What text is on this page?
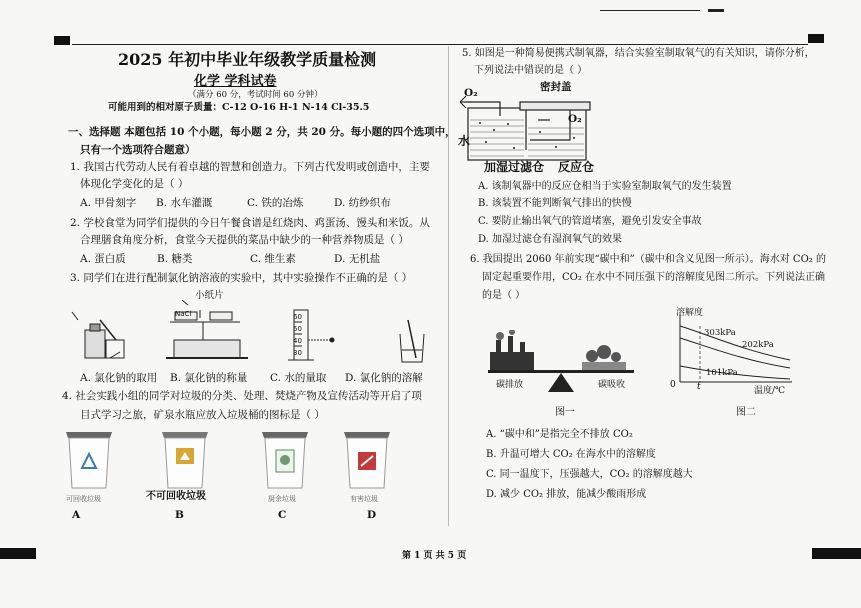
2025 年初中毕业年级教学质量检测
化学 学科试卷
（满分 60 分，考试时间 60 分钟）
可能用到的相对原子质量：C-12 O-16 H-1 N-14 Cl-35.5
一、选择题 本题包括 10 个小题，每小题 2 分，共 20 分。每小题的四个选项中，
只有一个选项符合题意）
1. 我国古代劳动人民有着卓越的智慧和创造力。下列古代发明或创造中，主要
体现化学变化的是（ ）
A. 甲骨刻字 B. 水车灌溉	C. 铁的冶炼	D. 纺纱织布
2. 学校食堂为同学们提供的今日午餐食谱是红烧肉、鸡蛋汤、馒头和米饭。从
合理膳食角度分析，食堂今天提供的菜品中缺少的一种营养物质是（ ）
A. 蛋白质	B. 糖类	C. 维生素	D. 无机盐
3. 同学们在进行配制氯化钠溶液的实验中，其中实验操作不正确的是（ ）
小纸片
NaCl	60
50
40
30
A. 氯化钠的取用 B. 氯化钠的称量 C. 水的量取 D. 氯化钠的溶解
4. 社会实践小组的同学对垃圾的分类、处理、焚烧产物及宣传活动等开启了项
目式学习之旅，矿泉水瓶应放入垃圾桶的图标是（ ）
可回收垃圾	不可回收垃圾	厨余垃圾	有害垃圾
A	B	C	D
5. 如图是一种简易便携式制氧器，结合实验室制取氧气的有关知识，请你分析，
下列说法中错误的是（ ）
密封盖
O₂
O₂
水
加湿过滤仓 反应仓
A. 该制氧器中的反应仓相当于实验室制取氧气的发生装置
B. 该装置不能判断氧气排出的快慢
C. 要防止输出氧气的管道堵塞，避免引发安全事故
D. 加湿过滤仓有湿润氧气的效果
6. 我国提出 2060 年前实现“碳中和”（碳中和含义见图一所示）。海水对 CO₂ 的
固定起重要作用，CO₂ 在水中不同压强下的溶解度见图二所示。下列说法正确
的是（ ）
碳排放	碳吸收
图一
溶解度
303kPa
202kPa
101kPa
0 t	温度/℃
图二
A. “碳中和”是指完全不排放 CO₂
B. 升温可增大 CO₂ 在海水中的溶解度
C. 同一温度下，压强越大，CO₂ 的溶解度越大
D. 减少 CO₂ 排放，能减少酸雨形成
第 1 页 共 5 页
